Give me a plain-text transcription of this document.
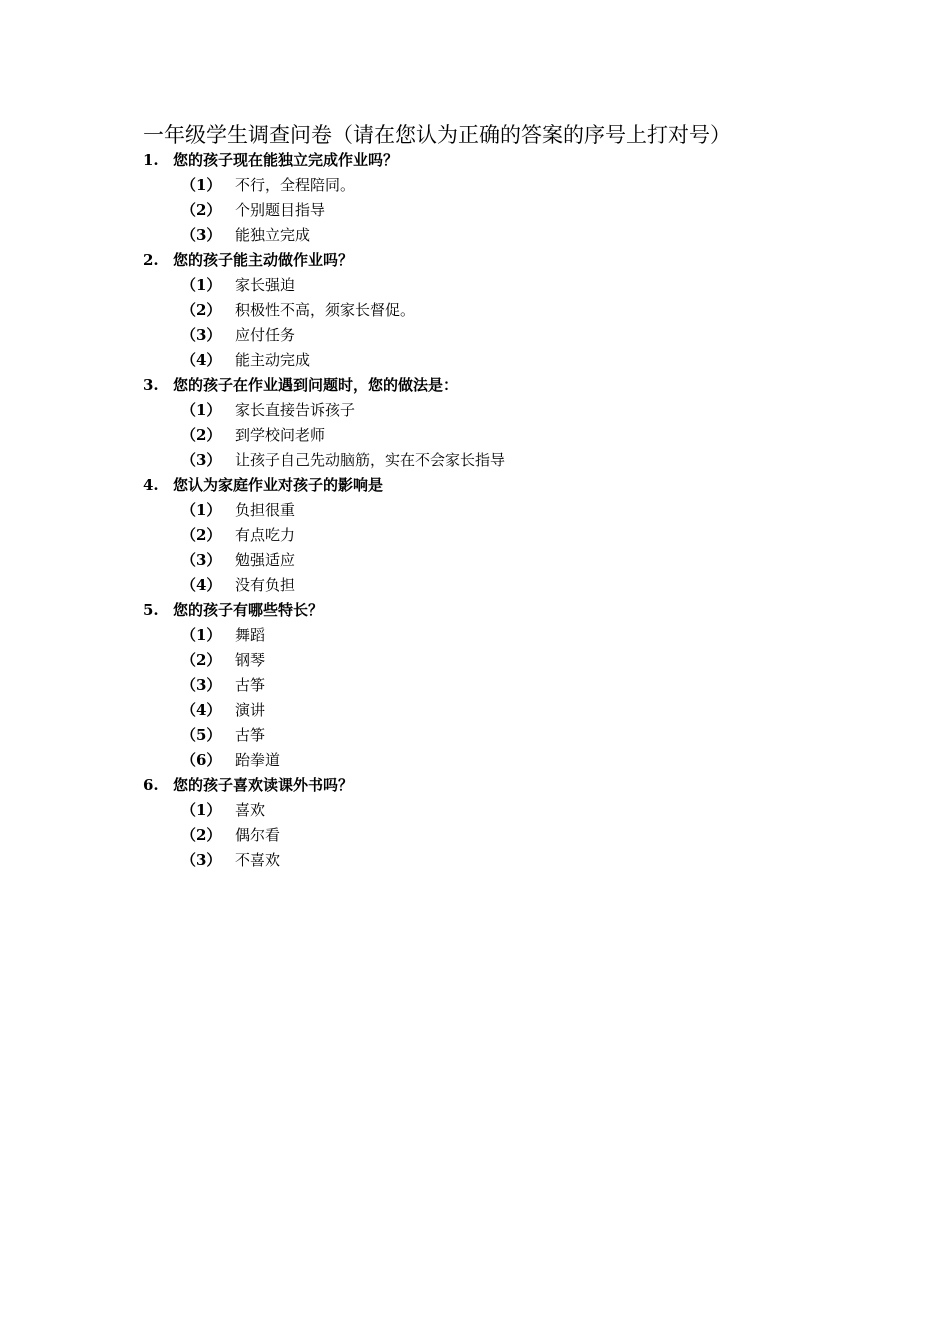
一年级学生调查问卷（请在您认为正确的答案的序号上打对号）
1. 您的孩子现在能独立完成作业吗？
（1） 不行，全程陪同。
（2） 个别题目指导
（3） 能独立完成
2. 您的孩子能主动做作业吗？
（1） 家长强迫
（2） 积极性不高，须家长督促。
（3） 应付任务
（4） 能主动完成
3. 您的孩子在作业遇到问题时，您的做法是：
（1） 家长直接告诉孩子
（2） 到学校问老师
（3） 让孩子自己先动脑筋，实在不会家长指导
4. 您认为家庭作业对孩子的影响是
（1） 负担很重
（2） 有点吃力
（3） 勉强适应
（4） 没有负担
5. 您的孩子有哪些特长？
（1） 舞蹈
（2） 钢琴
（3） 古筝
（4） 演讲
（5） 古筝
（6） 跆拳道
6. 您的孩子喜欢读课外书吗？
（1） 喜欢
（2） 偶尔看
（3） 不喜欢
